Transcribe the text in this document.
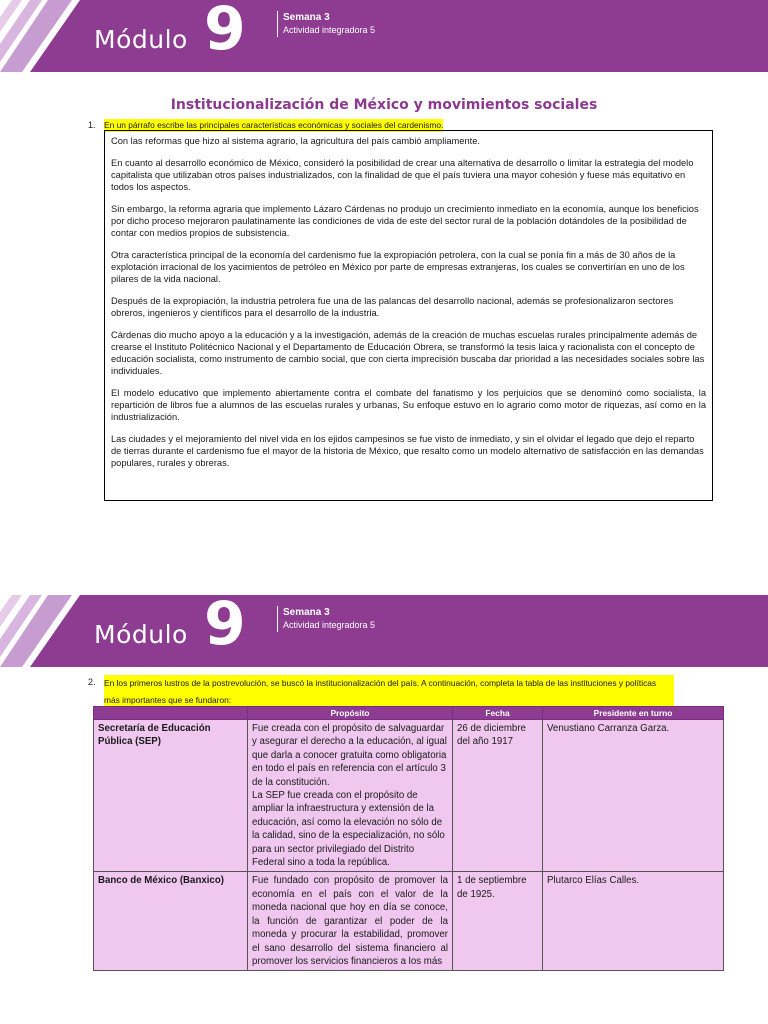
Módulo 9	Semana 3
Actividad integradora 5
Institucionalización de México y movimientos sociales
1. En un párrafo escribe las principales características económicas y sociales del cardenismo.

Con las reformas que hizo al sistema agrario, la agricultura del país cambió ampliamente.

En cuanto al desarrollo económico de México, consideró la posibilidad de crear una alternativa de desarrollo o limitar la estrategia del modelo capitalista que utilizaban otros países industrializados, con la finalidad de que el país tuviera una mayor cohesión y fuese más equitativo en todos los aspectos.

Sin embargo, la reforma agraria que implemento Lázaro Cárdenas no produjo un crecimiento inmediato en la economía, aunque los beneficios por dicho proceso mejoraron paulatinamente las condiciones de vida de este del sector rural de la población dotándoles de la posibilidad de contar con medios propios de subsistencia.

Otra característica principal de la economía del cardenismo fue la expropiación petrolera, con la cual se ponía fin a más de 30 años de la explotación irracional de los yacimientos de petróleo en México por parte de empresas extranjeras, los cuales se convertirían en uno de los pilares de la vida nacional.

Después de la expropiación, la industria petrolera fue una de las palancas del desarrollo nacional, además se profesionalizaron sectores obreros, ingenieros y científicos para el desarrollo de la industria.

Cárdenas dio mucho apoyo a la educación y a la investigación, además de la creación de muchas escuelas rurales principalmente además de crearse el Instituto Politécnico Nacional y el Departamento de Educación Obrera, se transformó la tesis laica y racionalista con el concepto de educación socialista, como instrumento de cambio social, que con cierta imprecisión buscaba dar prioridad a las necesidades sociales sobre las individuales.

El modelo educativo que implemento abiertamente contra el combate del fanatismo y los perjuicios que se denominó como socialista, la repartición de libros fue a alumnos de las escuelas rurales y urbanas, Su enfoque estuvo en lo agrario como motor de riquezas, así como en la industrialización.

Las ciudades y el mejoramiento del nivel vida en los ejidos campesinos se fue visto de inmediato, y sin el olvidar el legado que dejo el reparto de tierras durante el cardenismo fue el mayor de la historia de México, que resalto como un modelo alternativo de satisfacción en las demandas populares, rurales y obreras.

Módulo 9	Semana 3
Actividad integradora 5
2. En los primeros lustros de la postrevolución, se buscó la institucionalización del país. A continuación, completa la tabla de las instituciones y políticas más importantes que se fundaron:
	Propósito	Fecha	Presidente en turno
Secretaría de Educación Pública (SEP)	Fue creada con el propósito de salvaguardar y asegurar el derecho a la educación, al igual que darla a conocer gratuita como obligatoria en todo el país en referencia con el artículo 3 de la constitución.
La SEP fue creada con el propósito de ampliar la infraestructura y extensión de la educación, así como la elevación no sólo de la calidad, sino de la especialización, no sólo para un sector privilegiado del Distrito Federal sino a toda la república.	26 de diciembre del año 1917	Venustiano Carranza Garza.
Banco de México (Banxico)	Fue fundado con propósito de promover la economía en el país con el valor de la moneda nacional que hoy en día se conoce, la función de garantizar el poder de la moneda y procurar la estabilidad, promover el sano desarrollo del sistema financiero al promover los servicios financieros a los más	1 de septiembre de 1925.	Plutarco Elías Calles.
